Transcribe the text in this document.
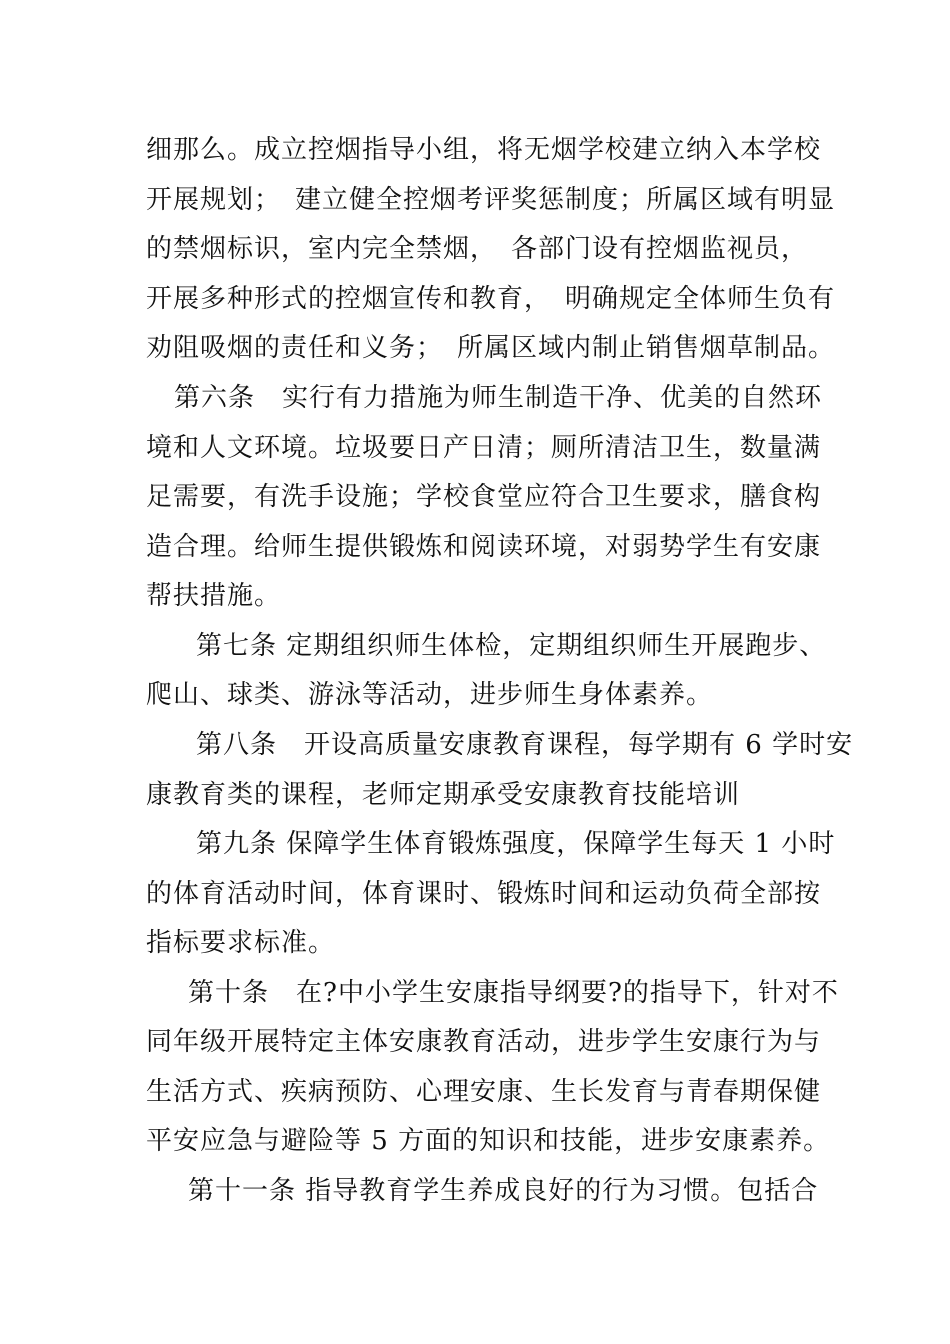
细那么。成立控烟指导小组，将无烟学校建立纳入本学校
开展规划；　建立健全控烟考评奖惩制度；所属区域有明显
的禁烟标识，室内完全禁烟，　各部门设有控烟监视员，
开展多种形式的控烟宣传和教育，　明确规定全体师生负有
劝阻吸烟的责任和义务；　所属区域内制止销售烟草制品。
第六条　实行有力措施为师生制造干净、优美的自然环
境和人文环境。垃圾要日产日清；厕所清洁卫生，数量满
足需要，有洗手设施；学校食堂应符合卫生要求，膳食构
造合理。给师生提供锻炼和阅读环境，对弱势学生有安康
帮扶措施。
第七条 定期组织师生体检，定期组织师生开展跑步、
爬山、球类、游泳等活动，进步师生身体素养。
第八条　开设高质量安康教育课程，每学期有 6 学时安
康教育类的课程，老师定期承受安康教育技能培训
第九条 保障学生体育锻炼强度，保障学生每天 1 小时
的体育活动时间，体育课时、锻炼时间和运动负荷全部按
指标要求标准。
第十条　在?中小学生安康指导纲要?的指导下，针对不
同年级开展特定主体安康教育活动，进步学生安康行为与
生活方式、疾病预防、心理安康、生长发育与青春期保健
平安应急与避险等 5 方面的知识和技能，进步安康素养。
第十一条 指导教育学生养成良好的行为习惯。包括合
